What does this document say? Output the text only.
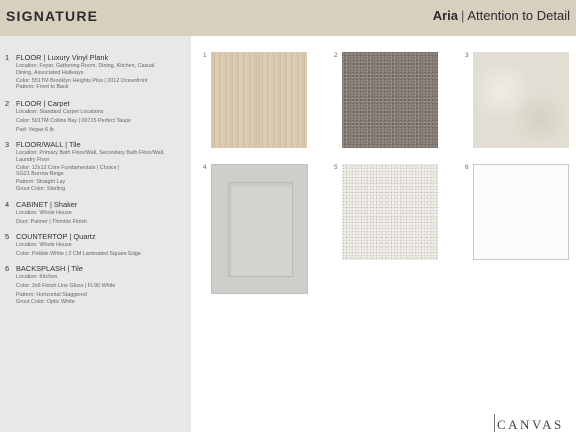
SIGNATURE	Aria | Attention to Detail
1 FLOOR | Luxury Vinyl Plank
Location: Foyer, Gathering Room, Dining, Kitchen, Casual
Dining, Associated Hallways
Color: 551TM Brooklyn Heights Plus | 2012 Oceanfront
Pattern: Front to Back
2 FLOOR | Carpet
Location: Standard Carpet Locations
Color: 501TM Collins Bay | 00715 Perfect Taupe
Pad: Vegas 6 lb
3 FLOOR/WALL | Tile
Location: Primary Bath Floor/Wall, Secondary Bath Floor/Wall,
Laundry Floor
Color: 12x12 Core Fundamentals | Choice |
SG21 Burrow Beige
Pattern: Straight Lay
Grout Color: Sterling
4 CABINET | Shaker
Location: Whole House
Door: Palmer | Thimble Finish
5 COUNTERTOP | Quartz
Location: Whole House
Color: Pebble White | 2 CM Laminated Square Edge
6 BACKSPLASH | Tile
Location: Kitchen
Color: 3x6 Finish Line Gloss | FL90 White
Pattern: Horizontal Staggered
Grout Color: Optic White
1	2	3
4	5	6
CANVAS
